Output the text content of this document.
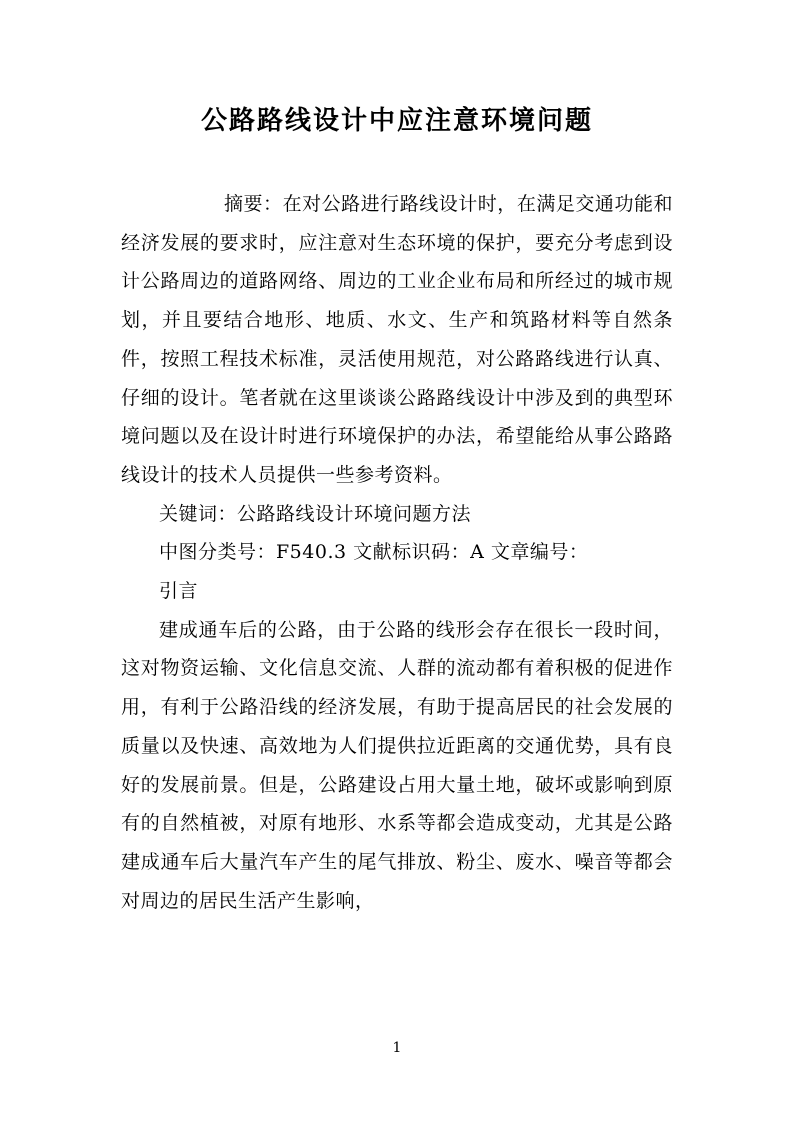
公路路线设计中应注意环境问题

摘要：在对公路进行路线设计时，在满足交通功能和经济发展的要求时，应注意对生态环境的保护，要充分考虑到设计公路周边的道路网络、周边的工业企业布局和所经过的城市规划，并且要结合地形、地质、水文、生产和筑路材料等自然条件，按照工程技术标准，灵活使用规范，对公路路线进行认真、仔细的设计。笔者就在这里谈谈公路路线设计中涉及到的典型环境问题以及在设计时进行环境保护的办法，希望能给从事公路路线设计的技术人员提供一些参考资料。

关键词：公路路线设计环境问题方法

中图分类号：F540.3 文献标识码：A 文章编号：

引言

建成通车后的公路，由于公路的线形会存在很长一段时间，这对物资运输、文化信息交流、人群的流动都有着积极的促进作用，有利于公路沿线的经济发展，有助于提高居民的社会发展的质量以及快速、高效地为人们提供拉近距离的交通优势，具有良好的发展前景。但是，公路建设占用大量土地，破坏或影响到原有的自然植被，对原有地形、水系等都会造成变动，尤其是公路建成通车后大量汽车产生的尾气排放、粉尘、废水、噪音等都会对周边的居民生活产生影响，

1
